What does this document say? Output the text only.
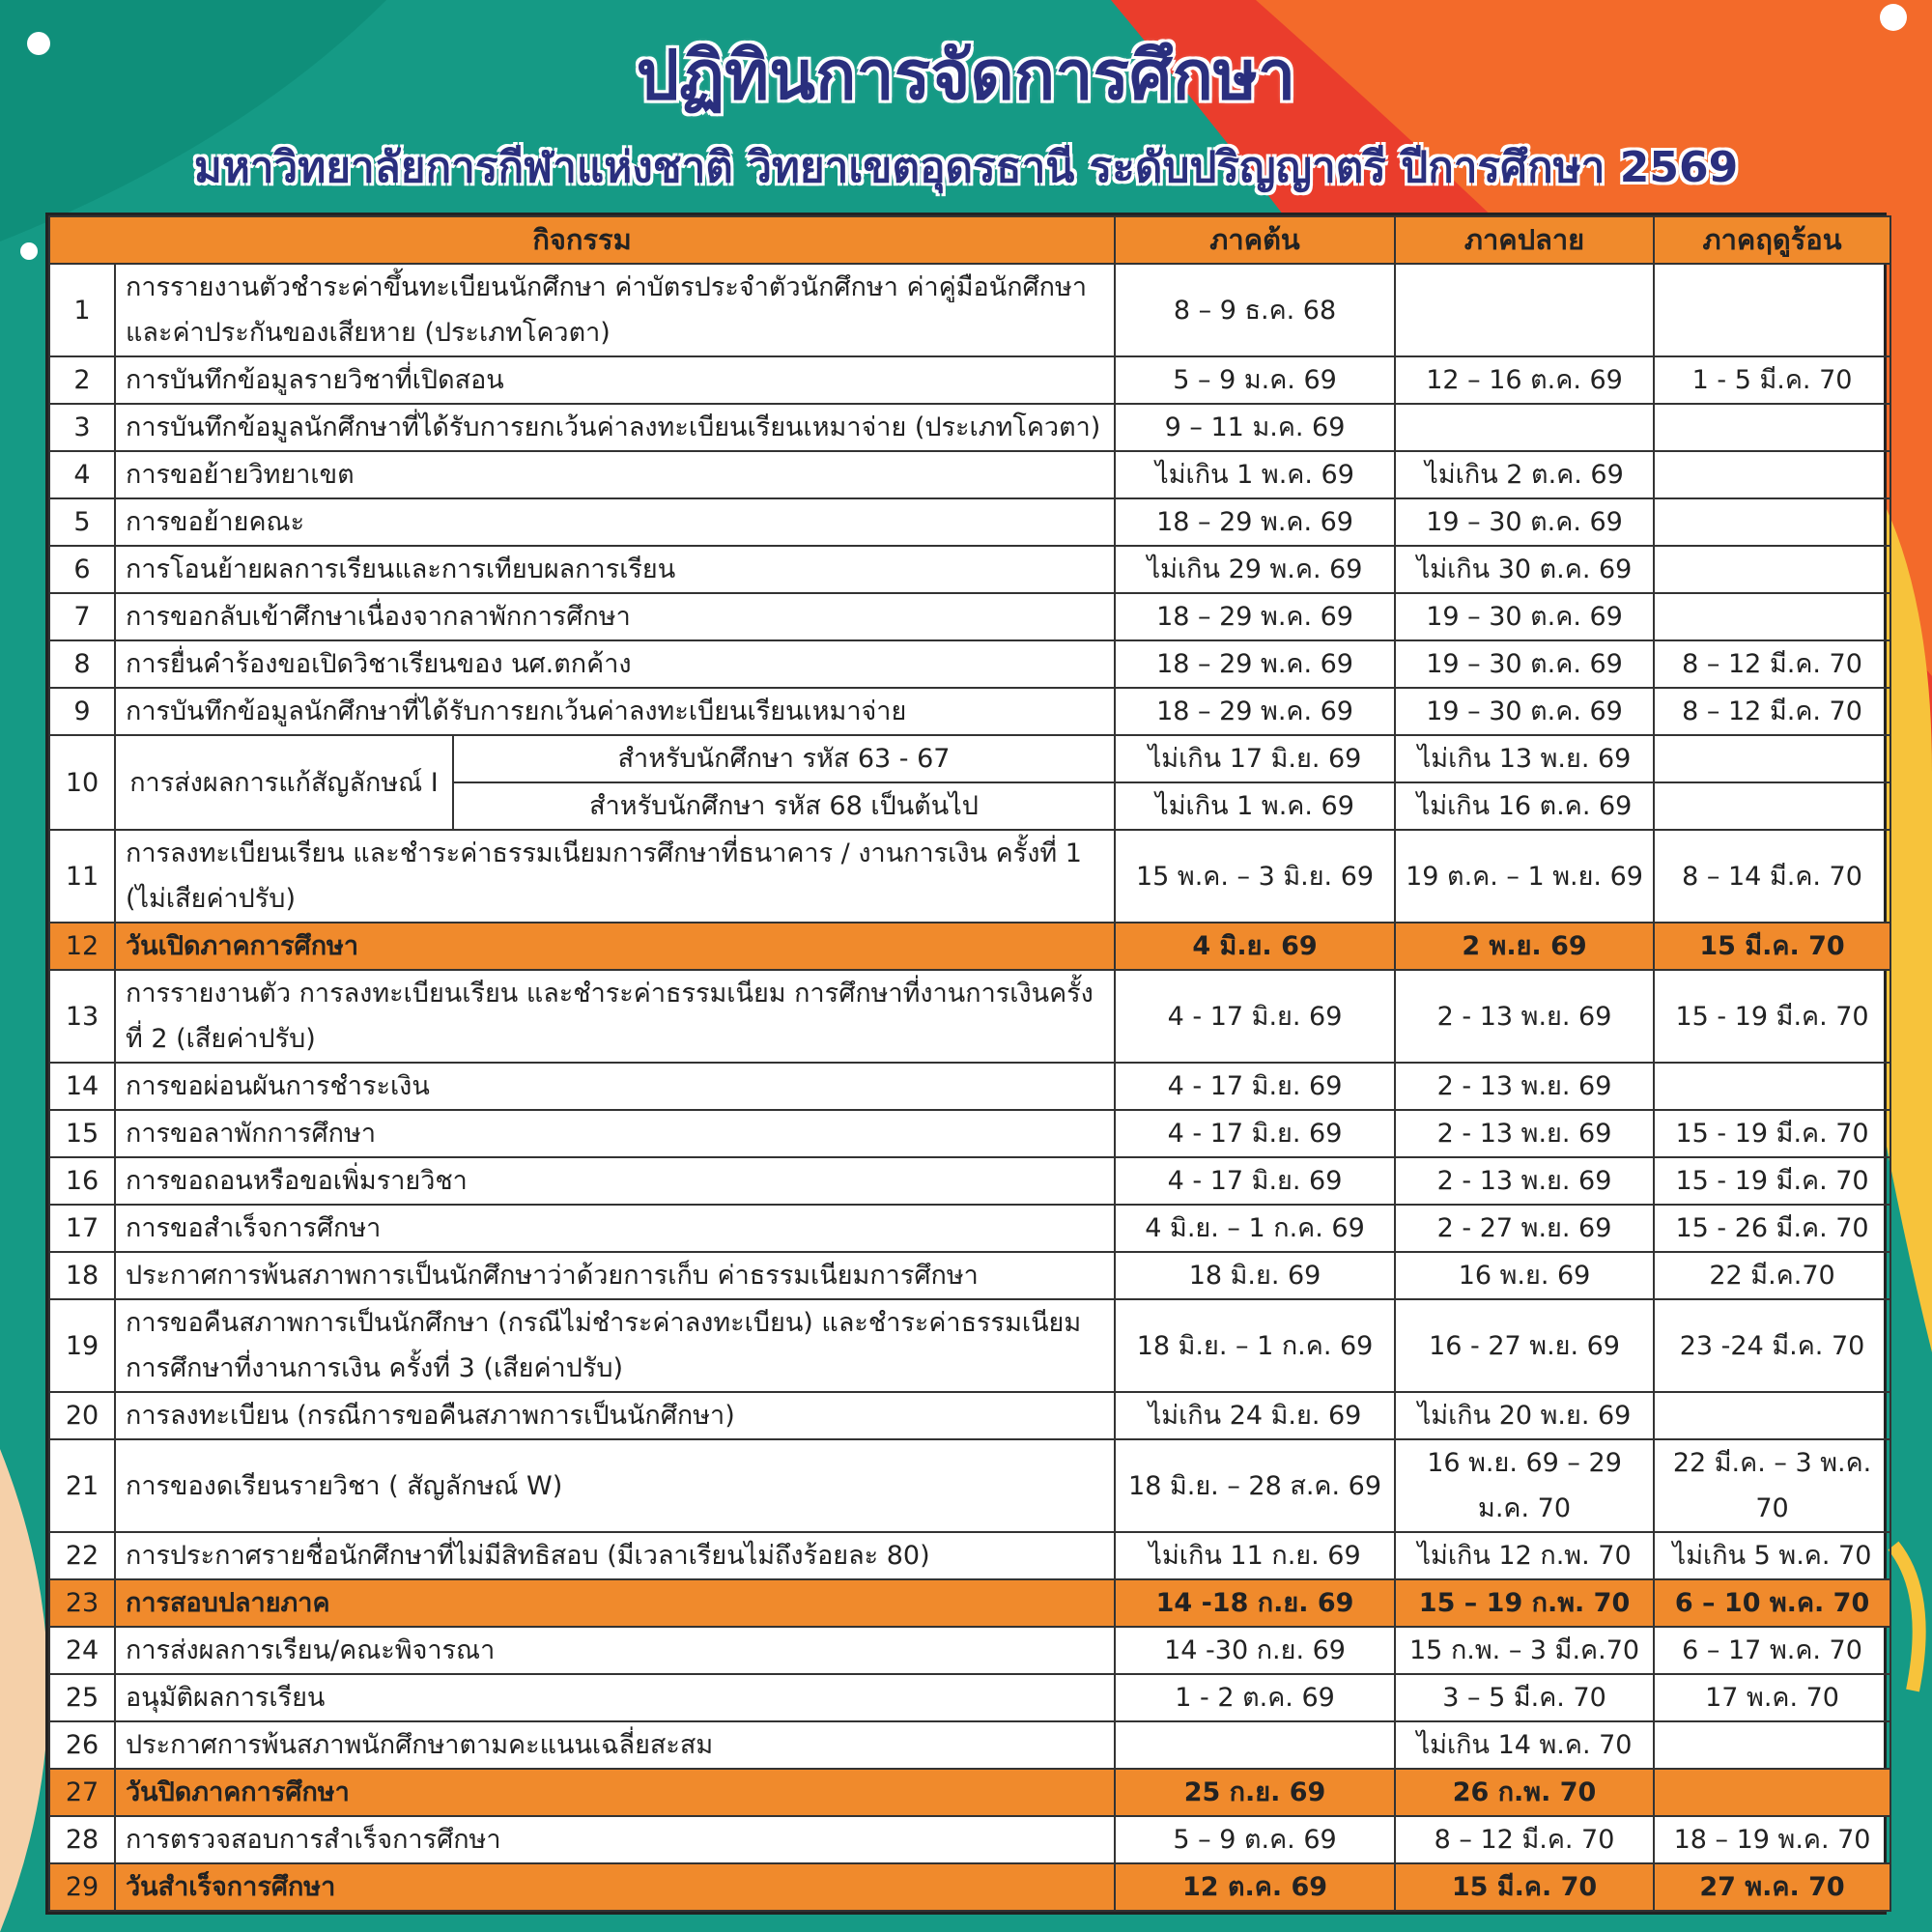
ปฏิทินการจัดการศึกษา
มหาวิทยาลัยการกีฬาแห่งชาติ วิทยาเขตอุดรธานี ระดับปริญญาตรี ปีการศึกษา 2569
กิจกรรม			ภาคต้น	ภาคปลาย	ภาคฤดูร้อน
1	การรายงานตัวชำระค่าขึ้นทะเบียนนักศึกษา ค่าบัตรประจำตัวนักศึกษา ค่าคู่มือนักศึกษา และค่าประกันของเสียหาย (ประเภทโควตา)		8 – 9 ธ.ค. 68		
2	การบันทึกข้อมูลรายวิชาที่เปิดสอน		5 – 9 ม.ค. 69	12 – 16 ต.ค. 69	1 - 5 มี.ค. 70
3	การบันทึกข้อมูลนักศึกษาที่ได้รับการยกเว้นค่าลงทะเบียนเรียนเหมาจ่าย (ประเภทโควตา)		9 – 11 ม.ค. 69		
4	การขอย้ายวิทยาเขต		ไม่เกิน 1 พ.ค. 69	ไม่เกิน 2 ต.ค. 69	
5	การขอย้ายคณะ		18 – 29 พ.ค. 69	19 – 30 ต.ค. 69	
6	การโอนย้ายผลการเรียนและการเทียบผลการเรียน		ไม่เกิน 29 พ.ค. 69	ไม่เกิน 30 ต.ค. 69	
7	การขอกลับเข้าศึกษาเนื่องจากลาพักการศึกษา		18 – 29 พ.ค. 69	19 – 30 ต.ค. 69	
8	การยื่นคำร้องขอเปิดวิชาเรียนของ นศ.ตกค้าง		18 – 29 พ.ค. 69	19 – 30 ต.ค. 69	8 – 12 มี.ค. 70
9	การบันทึกข้อมูลนักศึกษาที่ได้รับการยกเว้นค่าลงทะเบียนเรียนเหมาจ่าย		18 – 29 พ.ค. 69	19 – 30 ต.ค. 69	8 – 12 มี.ค. 70
10	การส่งผลการแก้สัญลักษณ์ I	สำหรับนักศึกษา รหัส 63 - 67	ไม่เกิน 17 มิ.ย. 69	ไม่เกิน 13 พ.ย. 69	
		สำหรับนักศึกษา รหัส 68 เป็นต้นไป	ไม่เกิน 1 พ.ค. 69	ไม่เกิน 16 ต.ค. 69	
11	การลงทะเบียนเรียน และชำระค่าธรรมเนียมการศึกษาที่ธนาคาร / งานการเงิน ครั้งที่ 1 (ไม่เสียค่าปรับ)		15 พ.ค. – 3 มิ.ย. 69	19 ต.ค. – 1 พ.ย. 69	8 – 14 มี.ค. 70
12	วันเปิดภาคการศึกษา		4 มิ.ย. 69	2 พ.ย. 69	15 มี.ค. 70
13	การรายงานตัว การลงทะเบียนเรียน และชำระค่าธรรมเนียม การศึกษาที่งานการเงินครั้งที่ 2 (เสียค่าปรับ)		4 - 17 มิ.ย. 69	2 - 13 พ.ย. 69	15 - 19 มี.ค. 70
14	การขอผ่อนผันการชำระเงิน		4 - 17 มิ.ย. 69	2 - 13 พ.ย. 69	
15	การขอลาพักการศึกษา		4 - 17 มิ.ย. 69	2 - 13 พ.ย. 69	15 - 19 มี.ค. 70
16	การขอถอนหรือขอเพิ่มรายวิชา		4 - 17 มิ.ย. 69	2 - 13 พ.ย. 69	15 - 19 มี.ค. 70
17	การขอสำเร็จการศึกษา		4 มิ.ย. – 1 ก.ค. 69	2 - 27 พ.ย. 69	15 - 26 มี.ค. 70
18	ประกาศการพ้นสภาพการเป็นนักศึกษาว่าด้วยการเก็บ ค่าธรรมเนียมการศึกษา		18 มิ.ย. 69	16 พ.ย. 69	22 มี.ค.70
19	การขอคืนสภาพการเป็นนักศึกษา (กรณีไม่ชำระค่าลงทะเบียน) และชำระค่าธรรมเนียม การศึกษาที่งานการเงิน ครั้งที่ 3 (เสียค่าปรับ)		18 มิ.ย. – 1 ก.ค. 69	16 - 27 พ.ย. 69	23 -24 มี.ค. 70
20	การลงทะเบียน (กรณีการขอคืนสภาพการเป็นนักศึกษา)		ไม่เกิน 24 มิ.ย. 69	ไม่เกิน 20 พ.ย. 69	
21	การของดเรียนรายวิชา ( สัญลักษณ์ W)		18 มิ.ย. – 28 ส.ค. 69	16 พ.ย. 69 – 29 ม.ค. 70	22 มี.ค. – 3 พ.ค. 70
22	การประกาศรายชื่อนักศึกษาที่ไม่มีสิทธิสอบ (มีเวลาเรียนไม่ถึงร้อยละ 80)		ไม่เกิน 11 ก.ย. 69	ไม่เกิน 12 ก.พ. 70	ไม่เกิน 5 พ.ค. 70
23	การสอบปลายภาค		14 -18 ก.ย. 69	15 – 19 ก.พ. 70	6 – 10 พ.ค. 70
24	การส่งผลการเรียน/คณะพิจารณา		14 -30 ก.ย. 69	15 ก.พ. – 3 มี.ค.70	6 – 17 พ.ค. 70
25	อนุมัติผลการเรียน		1 - 2 ต.ค. 69	3 – 5 มี.ค. 70	17 พ.ค. 70
26	ประกาศการพ้นสภาพนักศึกษาตามคะแนนเฉลี่ยสะสม			ไม่เกิน 14 พ.ค. 70	
27	วันปิดภาคการศึกษา		25 ก.ย. 69	26 ก.พ. 70	
28	การตรวจสอบการสำเร็จการศึกษา		5 – 9 ต.ค. 69	8 – 12 มี.ค. 70	18 – 19 พ.ค. 70
29	วันสำเร็จการศึกษา		12 ต.ค. 69	15 มี.ค. 70	27 พ.ค. 70
